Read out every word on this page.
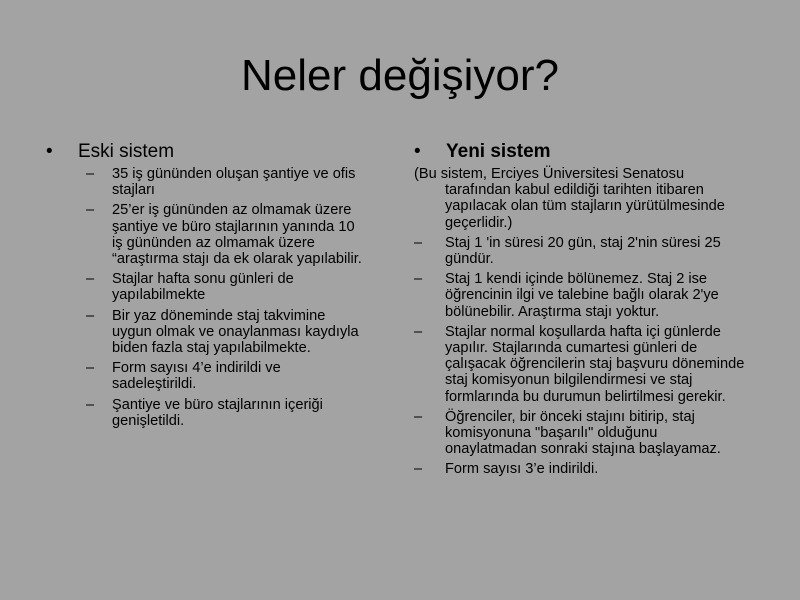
Neler değişiyor?
•	Eski sistem
–	35 iş gününden oluşan şantiye ve ofis stajları
–	25’er iş gününden az olmamak üzere şantiye ve büro stajlarının yanında 10 iş gününden az olmamak üzere “araştırma stajı da ek olarak yapılabilir.
–	Stajlar hafta sonu günleri de yapılabilmekte
–	Bir yaz döneminde staj takvimine uygun olmak ve onaylanması kaydıyla biden fazla staj yapılabilmekte.
–	Form sayısı 4’e indirildi ve sadeleştirildi.
–	Şantiye ve büro stajlarının içeriği genişletildi.
•	Yeni sistem
(Bu sistem, Erciyes Üniversitesi Senatosu
tarafından kabul edildiği tarihten itibaren yapılacak olan tüm stajların yürütülmesinde geçerlidir.)
–	Staj 1 'in süresi 20 gün, staj 2'nin süresi 25 gündür.
–	Staj 1 kendi içinde bölünemez. Staj 2 ise öğrencinin ilgi ve talebine bağlı olarak 2'ye bölünebilir. Araştırma stajı yoktur.
–	Stajlar normal koşullarda hafta içi günlerde yapılır. Stajlarında cumartesi günleri de çalışacak öğrencilerin staj başvuru döneminde staj komisyonun bilgilendirmesi ve staj formlarında bu durumun belirtilmesi gerekir.
–	Öğrenciler, bir önceki stajını bitirip, staj komisyonuna "başarılı" olduğunu onaylatmadan sonraki stajına başlayamaz.
–	Form sayısı 3’e indirildi.
